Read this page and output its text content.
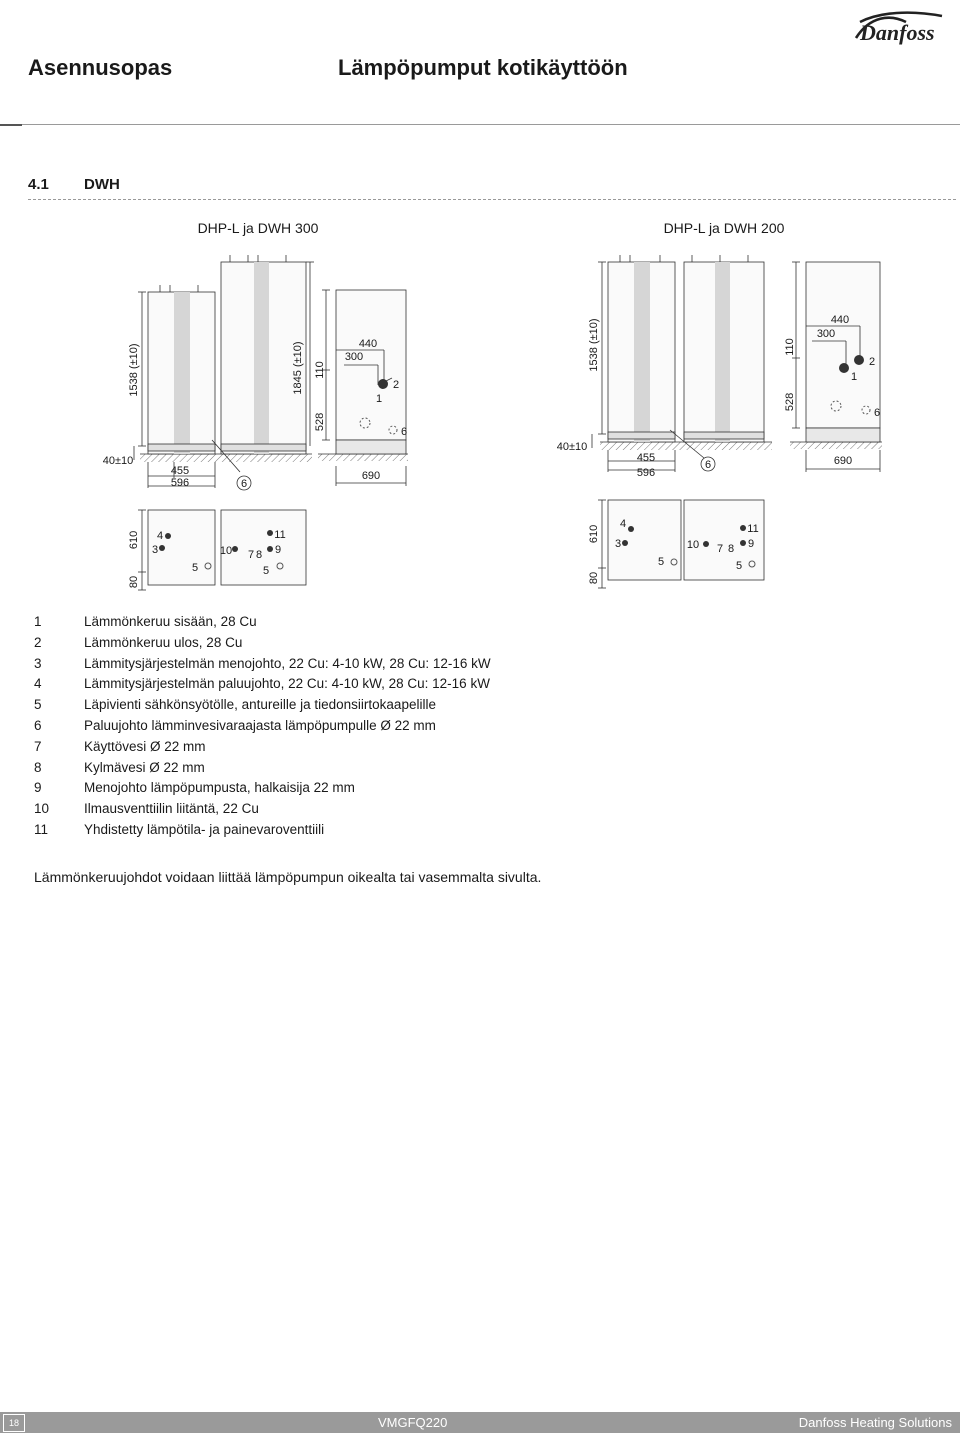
Asennusopas	Lämpöpumput kotikäyttöön
Danfoss
4.1 DWH
DHP-L ja DWH 300	DHP-L ja DWH 200
6
1538 (±10)	1845 (±10)
40±10
455
596
440
300
2
1
6
690
110
528
4
3
5
10 7 8
11
9
5
610
80
6
1538 (±10)
40±10
455
596
440
300
2
1
6
690
110
528
4
3
5
10 7 8
11
9
5
610
80
1	Lämmönkeruu sisään, 28 Cu
2	Lämmönkeruu ulos, 28 Cu
3	Lämmitysjärjestelmän menojohto, 22 Cu: 4-10 kW, 28 Cu: 12-16 kW
4	Lämmitysjärjestelmän paluujohto, 22 Cu: 4-10 kW, 28 Cu: 12-16 kW
5	Läpivienti sähkönsyötölle, antureille ja tiedonsiirtokaapelille
6	Paluujohto lämminvesivaraajasta lämpöpumpulle Ø 22 mm
7	Käyttövesi Ø 22 mm
8	Kylmävesi Ø 22 mm
9	Menojohto lämpöpumpusta, halkaisija 22 mm
10	Ilmausventtiilin liitäntä, 22 Cu
11	Yhdistetty lämpötila- ja painevaroventtiili
Lämmönkeruujohdot voidaan liittää lämpöpumpun oikealta tai vasemmalta sivulta.
18	VMGFQ220	Danfoss Heating Solutions
